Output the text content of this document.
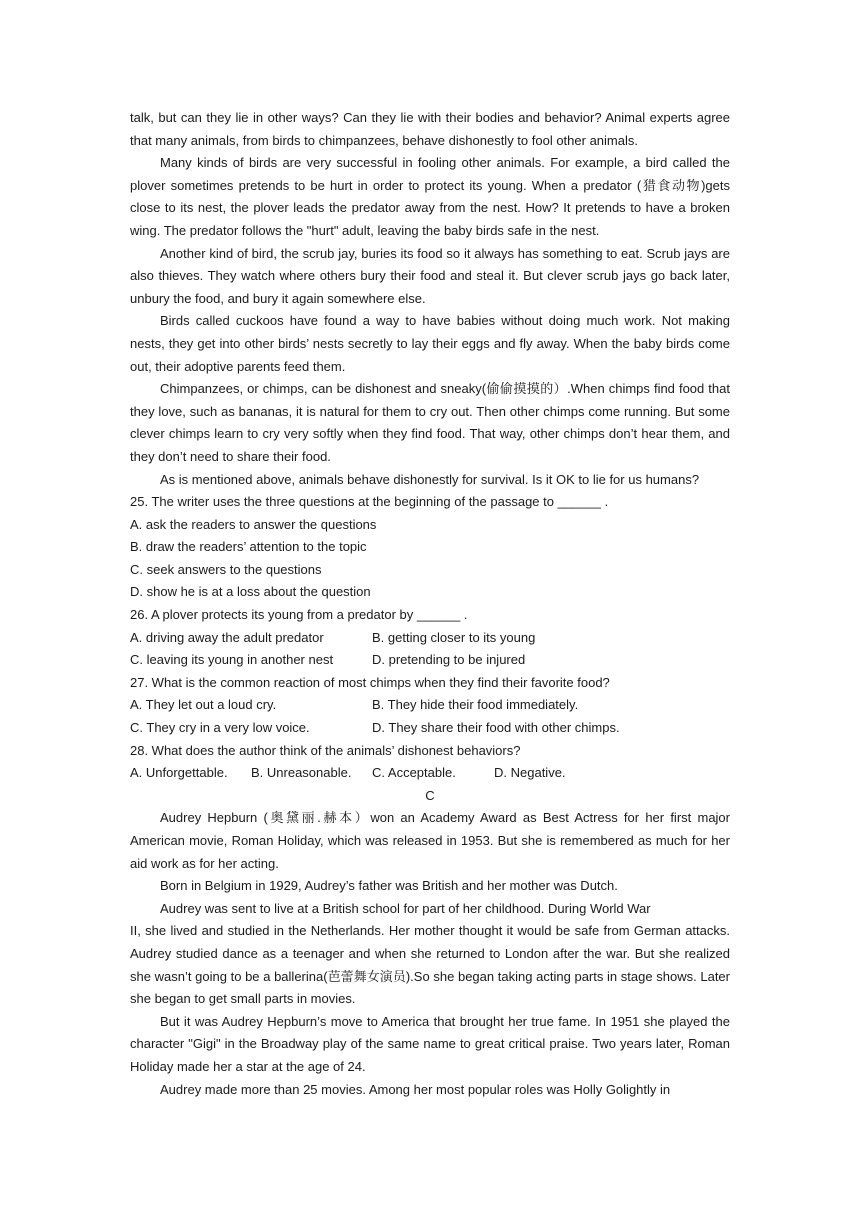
talk, but can they lie in other ways? Can they lie with their bodies and behavior? Animal experts agree that many animals, from birds to chimpanzees, behave dishonestly to fool other animals.

Many kinds of birds are very successful in fooling other animals. For example, a bird called the plover sometimes pretends to be hurt in order to protect its young. When a predator (猎食动物)gets close to its nest, the plover leads the predator away from the nest. How? It pretends to have a broken wing. The predator follows the "hurt" adult, leaving the baby birds safe in the nest.

Another kind of bird, the scrub jay, buries its food so it always has something to eat. Scrub jays are also thieves. They watch where others bury their food and steal it. But clever scrub jays go back later, unbury the food, and bury it again somewhere else.

Birds called cuckoos have found a way to have babies without doing much work. Not making nests, they get into other birds’ nests secretly to lay their eggs and fly away. When the baby birds come out, their adoptive parents feed them.

Chimpanzees, or chimps, can be dishonest and sneaky(偷偷摸摸的）.When chimps find food that they love, such as bananas, it is natural for them to cry out. Then other chimps come running. But some clever chimps learn to cry very softly when they find food. That way, other chimps don’t hear them, and they don’t need to share their food.

As is mentioned above, animals behave dishonestly for survival. Is it OK to lie for us humans?

25. The writer uses the three questions at the beginning of the passage to ______ .

A. ask the readers to answer the questions

B. draw the readers’ attention to the topic

C. seek answers to the questions

D. show he is at a loss about the question

26. A plover protects its young from a predator by ______ .

A. driving away the adult predator	B. getting closer to its young
C. leaving its young in another nest	D. pretending to be injured

27. What is the common reaction of most chimps when they find their favorite food?

A. They let out a loud cry.	B. They hide their food immediately.
C. They cry in a very low voice.	D. They share their food with other chimps.

28. What does the author think of the animals’ dishonest behaviors?

A. Unforgettable.	B. Unreasonable.	C. Acceptable.	D. Negative.

C

Audrey Hepburn (奥黛丽.赫本）won an Academy Award as Best Actress for her first major American movie, Roman Holiday, which was released in 1953. But she is remembered as much for her aid work as for her acting.

Born in Belgium in 1929, Audrey’s father was British and her mother was Dutch.

Audrey was sent to live at a British school for part of her childhood. During World War

II, she lived and studied in the Netherlands. Her mother thought it would be safe from German attacks. Audrey studied dance as a teenager and when she returned to London after the war. But she realized she wasn’t going to be a ballerina(芭蕾舞女演员).So she began taking acting parts in stage shows. Later she began to get small parts in movies.

But it was Audrey Hepburn’s move to America that brought her true fame. In 1951 she played the character "Gigi" in the Broadway play of the same name to great critical praise. Two years later, Roman Holiday made her a star at the age of 24.

Audrey made more than 25 movies. Among her most popular roles was Holly Golightly in
